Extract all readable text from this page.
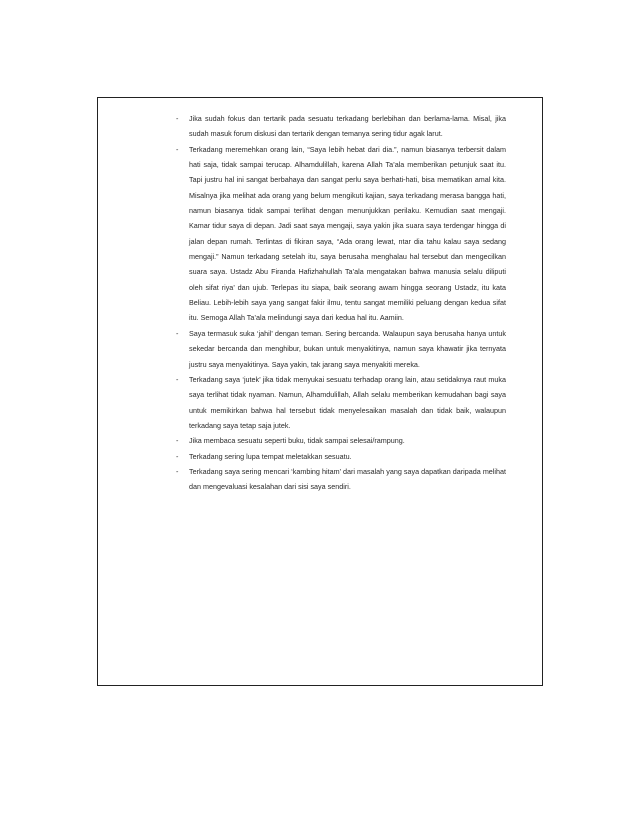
- Jika sudah fokus dan tertarik pada sesuatu terkadang berlebihan dan berlama-lama. Misal, jika sudah masuk forum diskusi dan tertarik dengan temanya sering tidur agak larut.
- Terkadang meremehkan orang lain, “Saya lebih hebat dari dia.”, namun biasanya terbersit dalam hati saja, tidak sampai terucap. Alhamdulillah, karena Allah Ta’ala memberikan petunjuk saat itu. Tapi justru hal ini sangat berbahaya dan sangat perlu saya berhati-hati, bisa mematikan amal kita. Misalnya jika melihat ada orang yang belum mengikuti kajian, saya terkadang merasa bangga hati, namun biasanya tidak sampai terlihat dengan menunjukkan perilaku. Kemudian saat mengaji. Kamar tidur saya di depan. Jadi saat saya mengaji, saya yakin jika suara saya terdengar hingga di jalan depan rumah. Terlintas di fikiran saya, “Ada orang lewat, ntar dia tahu kalau saya sedang mengaji.” Namun terkadang setelah itu, saya berusaha menghalau hal tersebut dan mengecilkan suara saya. Ustadz Abu Firanda Hafizhahullah Ta’ala mengatakan bahwa manusia selalu diliputi oleh sifat riya’ dan ujub. Terlepas itu siapa, baik seorang awam hingga seorang Ustadz, itu kata Beliau. Lebih-lebih saya yang sangat fakir ilmu, tentu sangat memiliki peluang dengan kedua sifat itu. Semoga Allah Ta’ala melindungi saya dari kedua hal itu. Aamiin.
- Saya termasuk suka ‘jahil’ dengan teman. Sering bercanda. Walaupun saya berusaha hanya untuk sekedar bercanda dan menghibur, bukan untuk menyakitinya, namun saya khawatir jika ternyata justru saya menyakitinya. Saya yakin, tak jarang saya menyakiti mereka.
- Terkadang saya ‘jutek’ jika tidak menyukai sesuatu terhadap orang lain, atau setidaknya raut muka saya terlihat tidak nyaman. Namun, Alhamdulillah, Allah selalu memberikan kemudahan bagi saya untuk memikirkan bahwa hal tersebut tidak menyelesaikan masalah dan tidak baik, walaupun terkadang saya tetap saja jutek.
- Jika membaca sesuatu seperti buku, tidak sampai selesai/rampung.
- Terkadang sering lupa tempat meletakkan sesuatu.
- Terkadang saya sering mencari ‘kambing hitam’ dari masalah yang saya dapatkan daripada melihat dan mengevaluasi kesalahan dari sisi saya sendiri.
